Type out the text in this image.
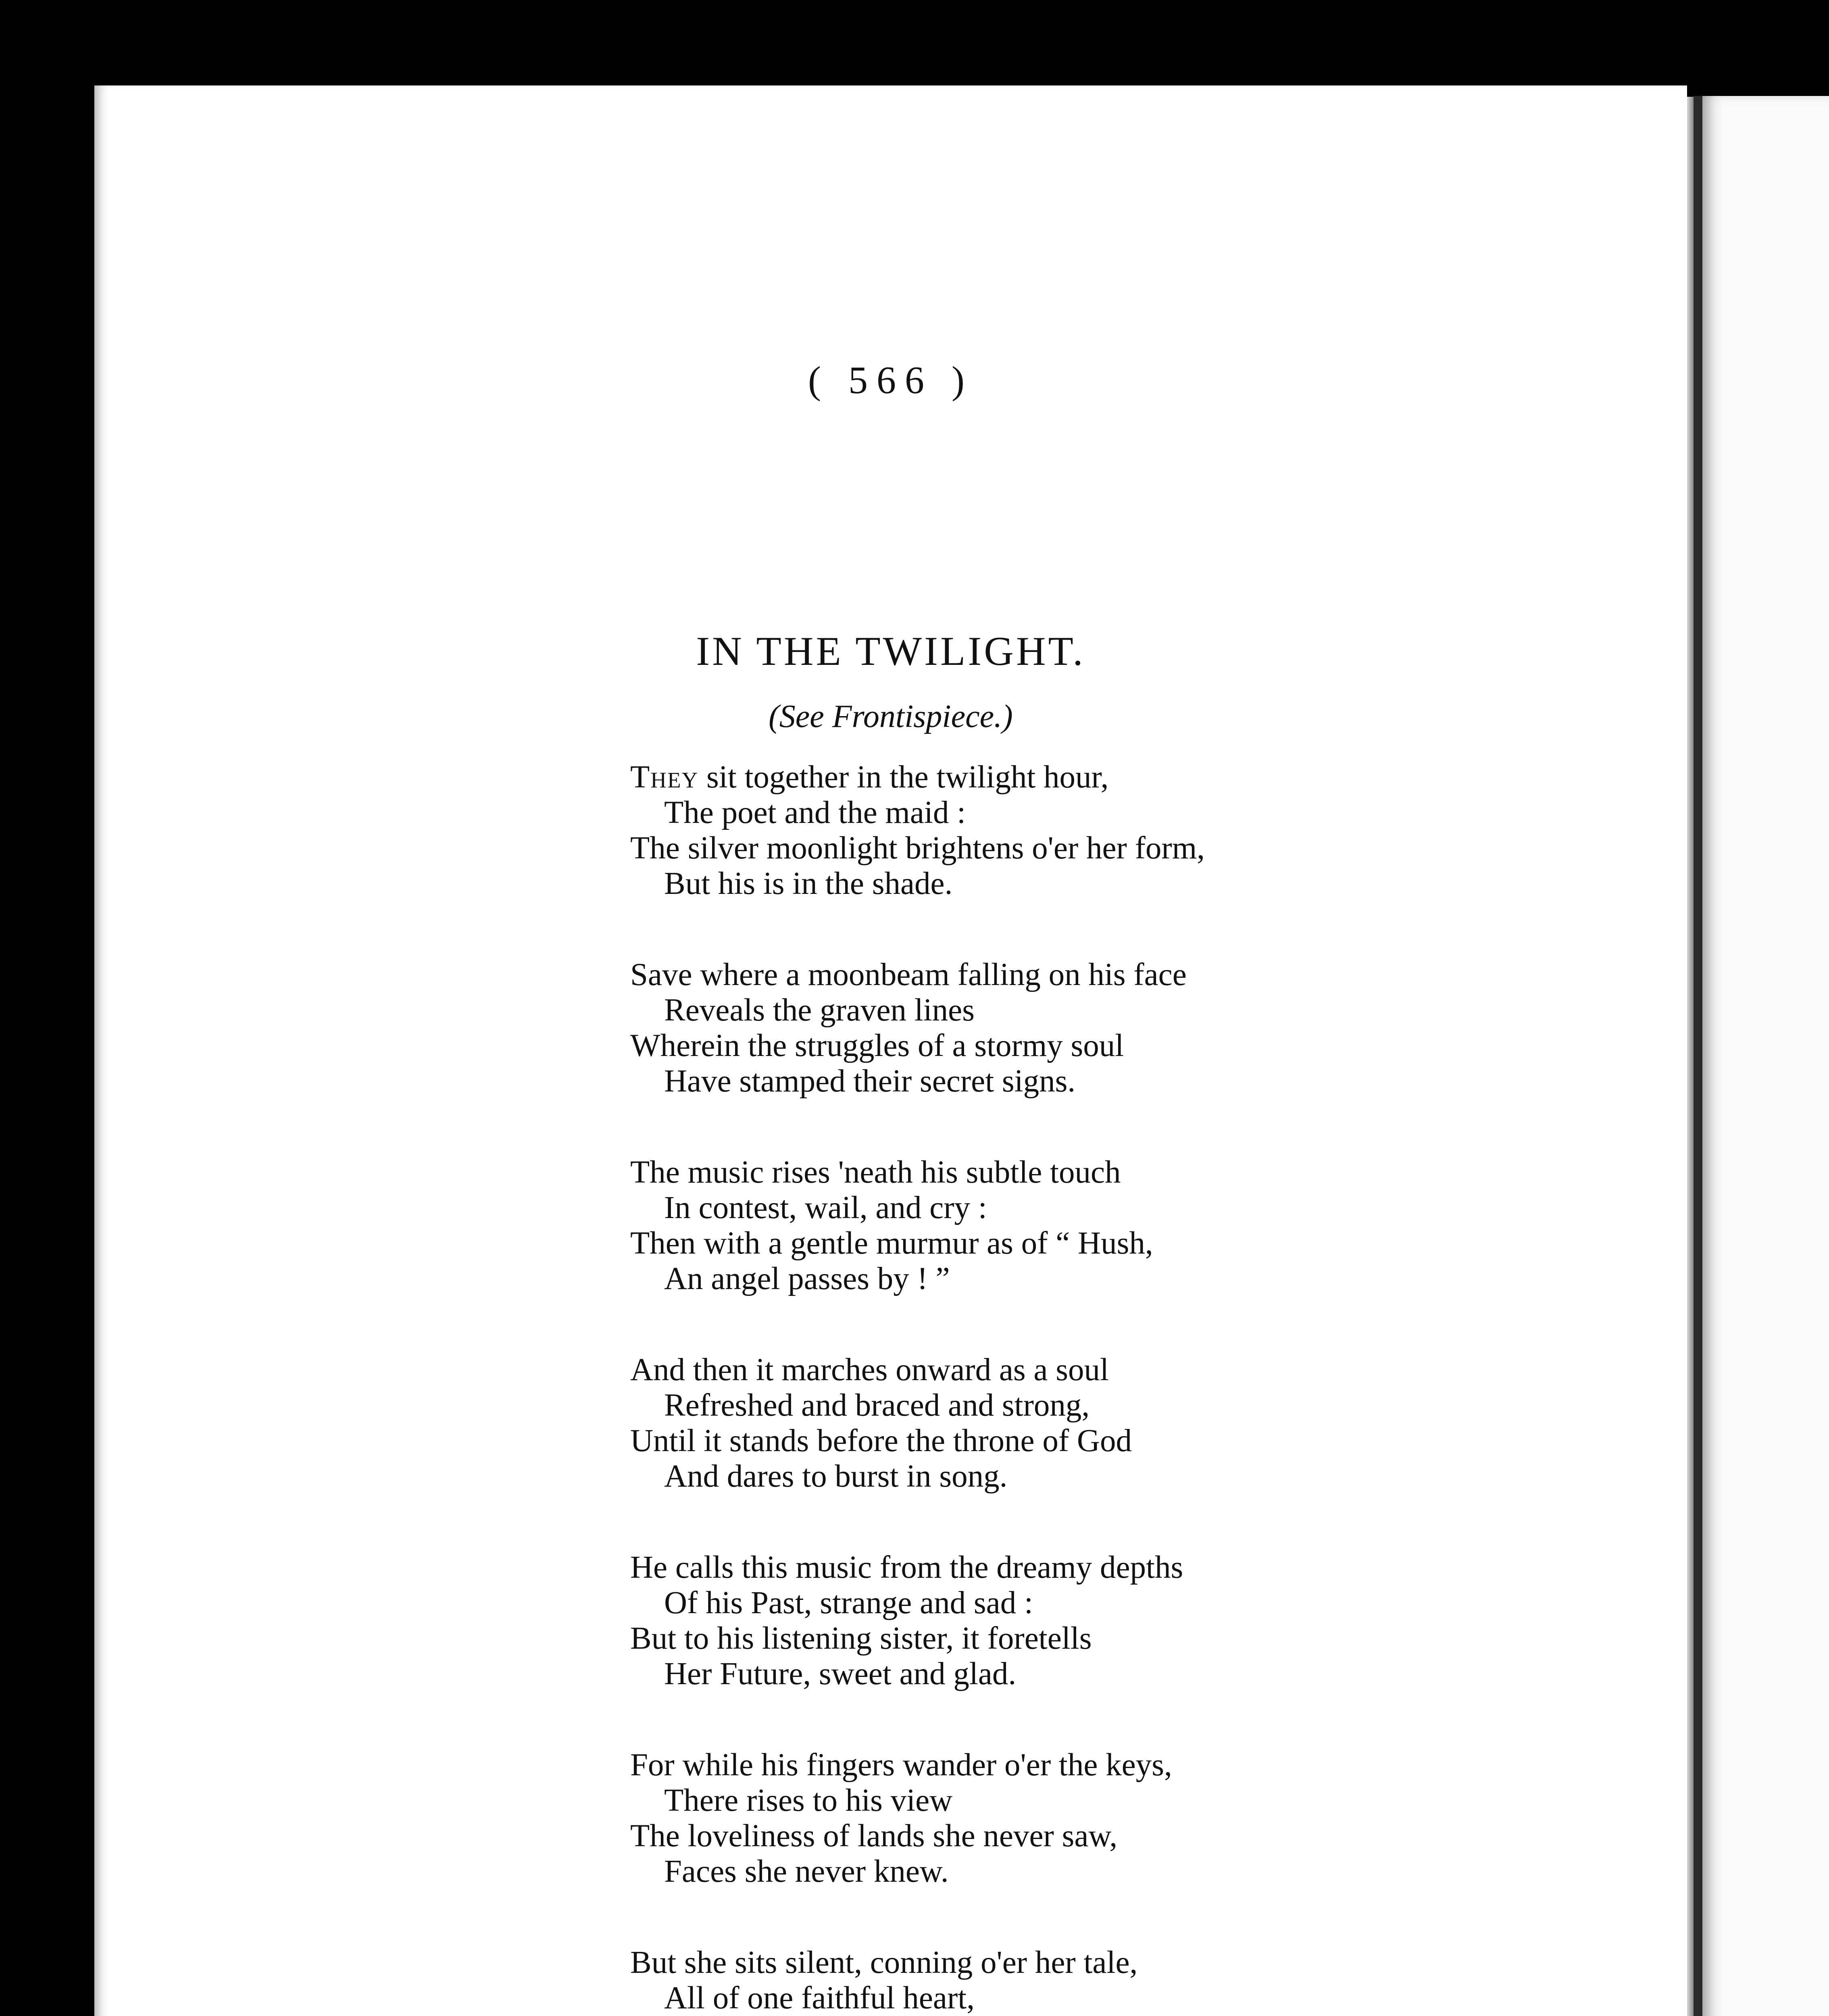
( 566 )
IN THE TWILIGHT.
(See Frontispiece.)
They sit together in the twilight hour,
The poet and the maid :
The silver moonlight brightens o'er her form,
But his is in the shade.
Save where a moonbeam falling on his face
Reveals the graven lines
Wherein the struggles of a stormy soul
Have stamped their secret signs.
The music rises 'neath his subtle touch
In contest, wail, and cry :
Then with a gentle murmur as of “ Hush,
An angel passes by ! ”
And then it marches onward as a soul
Refreshed and braced and strong,
Until it stands before the throne of God
And dares to burst in song.
He calls this music from the dreamy depths
Of his Past, strange and sad :
But to his listening sister, it foretells
Her Future, sweet and glad.
For while his fingers wander o'er the keys,
There rises to his view
The loveliness of lands she never saw,
Faces she never knew.
But she sits silent, conning o'er her tale,
All of one faithful heart,
